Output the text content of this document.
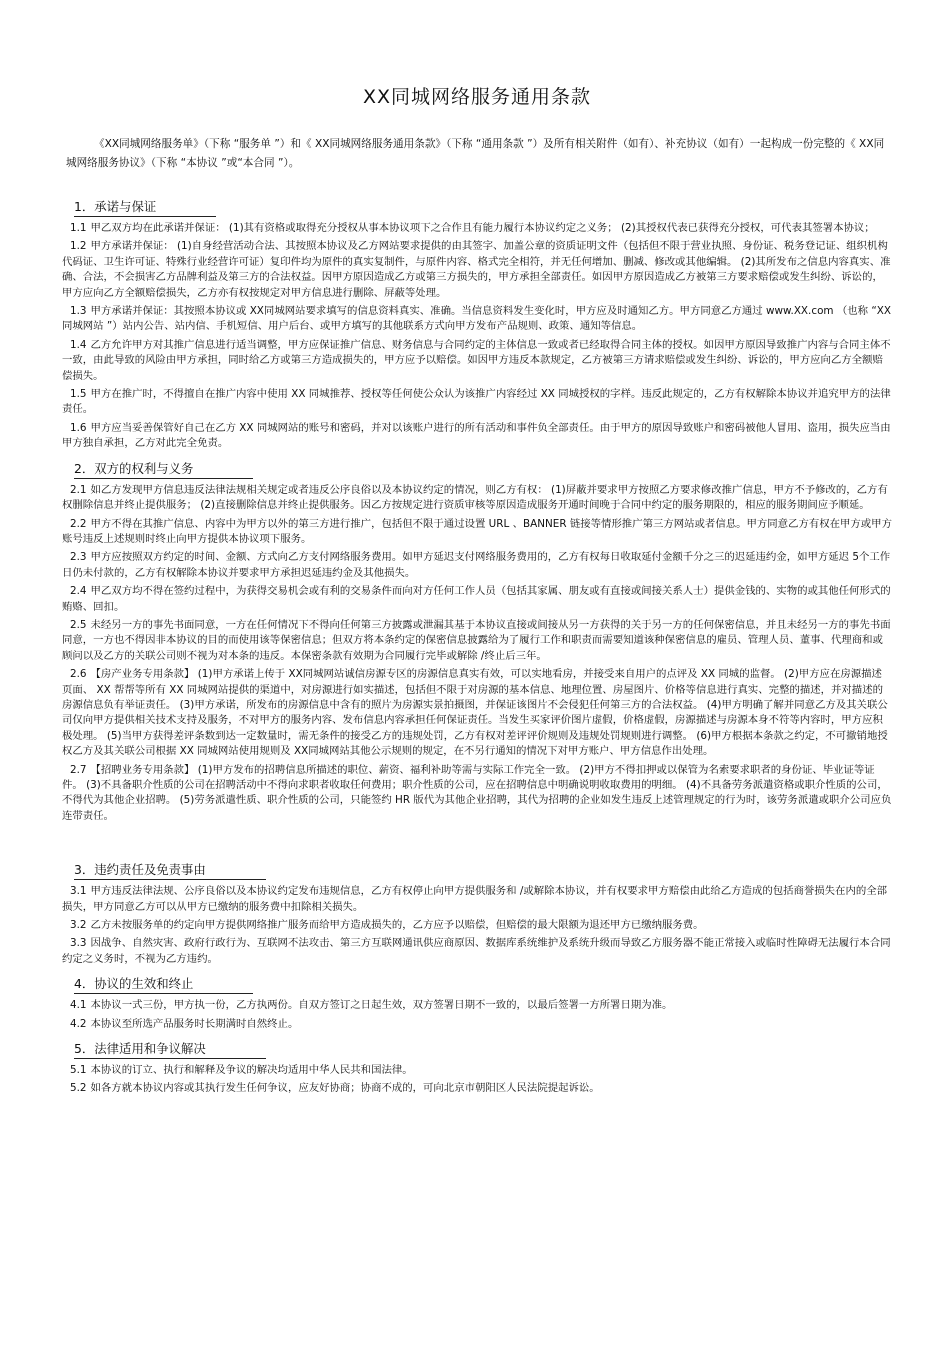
XX同城网络服务通用条款
《XX同城网络服务单》（下称 “服务单 ”）和《 XX同城网络服务通用条款》（下称 “通用条款 ”）及所有相关附件（如有）、补充协议（如有）一起构成一份完整的《 XX同城网络服务协议》（下称 “本协议 ”或“本合同 ”）。
1．承诺与保证

1.1 甲乙双方均在此承诺并保证： (1)其有资格或取得充分授权从事本协议项下之合作且有能力履行本协议约定之义务； (2)其授权代表已获得充分授权，可代表其签署本协议；

1.2 甲方承诺并保证： (1)自身经营活动合法、其按照本协议及乙方网站要求提供的由其签字、加盖公章的资质证明文件（包括但不限于营业执照、身份证、税务登记证、组织机构代码证、卫生许可证、特殊行业经营许可证）复印件均为原件的真实复制件，与原件内容、格式完全相符，并无任何增加、删减、修改或其他编辑。 (2)其所发布之信息内容真实、准确、合法，不会损害乙方品牌利益及第三方的合法权益。因甲方原因造成乙方或第三方损失的，甲方承担全部责任。如因甲方原因造成乙方被第三方要求赔偿或发生纠纷、诉讼的，甲方应向乙方全额赔偿损失，乙方亦有权按规定对甲方信息进行删除、屏蔽等处理。

1.3 甲方承诺并保证：其按照本协议或 XX同城网站要求填写的信息资料真实、准确。当信息资料发生变化时，甲方应及时通知乙方。甲方同意乙方通过 www.XX.com （也称 “XX同城网站 ”）站内公告、站内信、手机短信、用户后台、或甲方填写的其他联系方式向甲方发布产品规则、政策、通知等信息。

1.4 乙方允许甲方对其推广信息进行适当调整，甲方应保证推广信息、财务信息与合同约定的主体信息一致或者已经取得合同主体的授权。如因甲方原因导致推广内容与合同主体不一致，由此导致的风险由甲方承担，同时给乙方或第三方造成损失的，甲方应予以赔偿。如因甲方违反本款规定，乙方被第三方请求赔偿或发生纠纷、诉讼的，甲方应向乙方全额赔偿损失。

1.5 甲方在推广时，不得擅自在推广内容中使用 XX 同城推荐、授权等任何使公众认为该推广内容经过 XX 同城授权的字样。违反此规定的，乙方有权解除本协议并追究甲方的法律责任。

1.6 甲方应当妥善保管好自己在乙方 XX 同城网站的账号和密码，并对以该账户进行的所有活动和事件负全部责任。由于甲方的原因导致账户和密码被他人冒用、盗用，损失应当由甲方独自承担，乙方对此完全免责。

2．双方的权利与义务

2.1 如乙方发现甲方信息违反法律法规相关规定或者违反公序良俗以及本协议约定的情况，则乙方有权： (1)屏蔽并要求甲方按照乙方要求修改推广信息，甲方不予修改的，乙方有权删除信息并终止提供服务； (2)直接删除信息并终止提供服务。因乙方按规定进行资质审核等原因造成服务开通时间晚于合同中约定的服务期限的，相应的服务期间应予顺延。

2.2 甲方不得在其推广信息、内容中为甲方以外的第三方进行推广，包括但不限于通过设置 URL 、BANNER 链接等情形推广第三方网站或者信息。甲方同意乙方有权在甲方或甲方账号违反上述规则时终止向甲方提供本协议项下服务。

2.3 甲方应按照双方约定的时间、金额、方式向乙方支付网络服务费用。如甲方延迟支付网络服务费用的，乙方有权每日收取延付金额千分之三的迟延违约金，如甲方延迟 5个工作日仍未付款的，乙方有权解除本协议并要求甲方承担迟延违约金及其他损失。

2.4 甲乙双方均不得在签约过程中，为获得交易机会或有利的交易条件而向对方任何工作人员（包括其家属、朋友或有直接或间接关系人士）提供金钱的、实物的或其他任何形式的贿赂、回扣。

2.5 未经另一方的事先书面同意，一方在任何情况下不得向任何第三方披露或泄漏其基于本协议直接或间接从另一方获得的关于另一方的任何保密信息，并且未经另一方的事先书面同意，一方也不得因非本协议的目的而使用该等保密信息；但双方将本条约定的保密信息披露给为了履行工作和职责而需要知道该种保密信息的雇员、管理人员、董事、代理商和或顾问以及乙方的关联公司则不视为对本条的违反。本保密条款有效期为合同履行完毕或解除 /终止后三年。

2.6 【房产业务专用条款】 (1)甲方承诺上传于 XX同城网站诚信房源专区的房源信息真实有效，可以实地看房，并接受来自用户的点评及 XX 同城的监督。 (2)甲方应在房源描述页面、 XX 帮帮等所有 XX 同城网站提供的渠道中，对房源进行如实描述，包括但不限于对房源的基本信息、地理位置、房屋图片、价格等信息进行真实、完整的描述，并对描述的房源信息负有举证责任。 (3)甲方承诺，所发布的房源信息中含有的照片为房源实景拍摄图，并保证该图片不会侵犯任何第三方的合法权益。 (4)甲方明确了解并同意乙方及其关联公司仅向甲方提供相关技术支持及服务，不对甲方的服务内容、发布信息内容承担任何保证责任。当发生买家评价图片虚假，价格虚假，房源描述与房源本身不符等内容时，甲方应积极处理。 (5)当甲方获得差评条数到达一定数量时，需无条件的接受乙方的违规处罚，乙方有权对差评评价规则及违规处罚规则进行调整。 (6)甲方根据本条款之约定，不可撤销地授权乙方及其关联公司根据 XX 同城网站使用规则及 XX同城网站其他公示规则的规定，在不另行通知的情况下对甲方账户、甲方信息作出处理。

2.7 【招聘业务专用条款】 (1)甲方发布的招聘信息所描述的职位、薪资、福利补助等需与实际工作完全一致。 (2)甲方不得扣押或以保管为名索要求职者的身份证、毕业证等证件。 (3)不具备职介性质的公司在招聘活动中不得向求职者收取任何费用；职介性质的公司，应在招聘信息中明确说明收取费用的明细。 (4)不具备劳务派遣资格或职介性质的公司，不得代为其他企业招聘。 (5)劳务派遣性质、职介性质的公司，只能签约 HR 版代为其他企业招聘，其代为招聘的企业如发生违反上述管理规定的行为时，该劳务派遣或职介公司应负连带责任。

3．违约责任及免责事由

3.1 甲方违反法律法规、公序良俗以及本协议约定发布违规信息，乙方有权停止向甲方提供服务和 /或解除本协议，并有权要求甲方赔偿由此给乙方造成的包括商誉损失在内的全部损失，甲方同意乙方可以从甲方已缴纳的服务费中扣除相关损失。

3.2 乙方未按服务单的约定向甲方提供网络推广服务而给甲方造成损失的，乙方应予以赔偿，但赔偿的最大限额为退还甲方已缴纳服务费。

3.3 因战争、自然灾害、政府行政行为、互联网不法攻击、第三方互联网通讯供应商原因、数据库系统维护及系统升级而导致乙方服务器不能正常接入或临时性障碍无法履行本合同约定之义务时，不视为乙方违约。

4．协议的生效和终止

4.1 本协议一式三份，甲方执一份，乙方执两份。自双方签订之日起生效，双方签署日期不一致的，以最后签署一方所署日期为准。

4.2 本协议至所选产品服务时长期满时自然终止。

5．法律适用和争议解决

5.1 本协议的订立、执行和解释及争议的解决均适用中华人民共和国法律。

5.2 如各方就本协议内容或其执行发生任何争议，应友好协商；协商不成的，可向北京市朝阳区人民法院提起诉讼。
